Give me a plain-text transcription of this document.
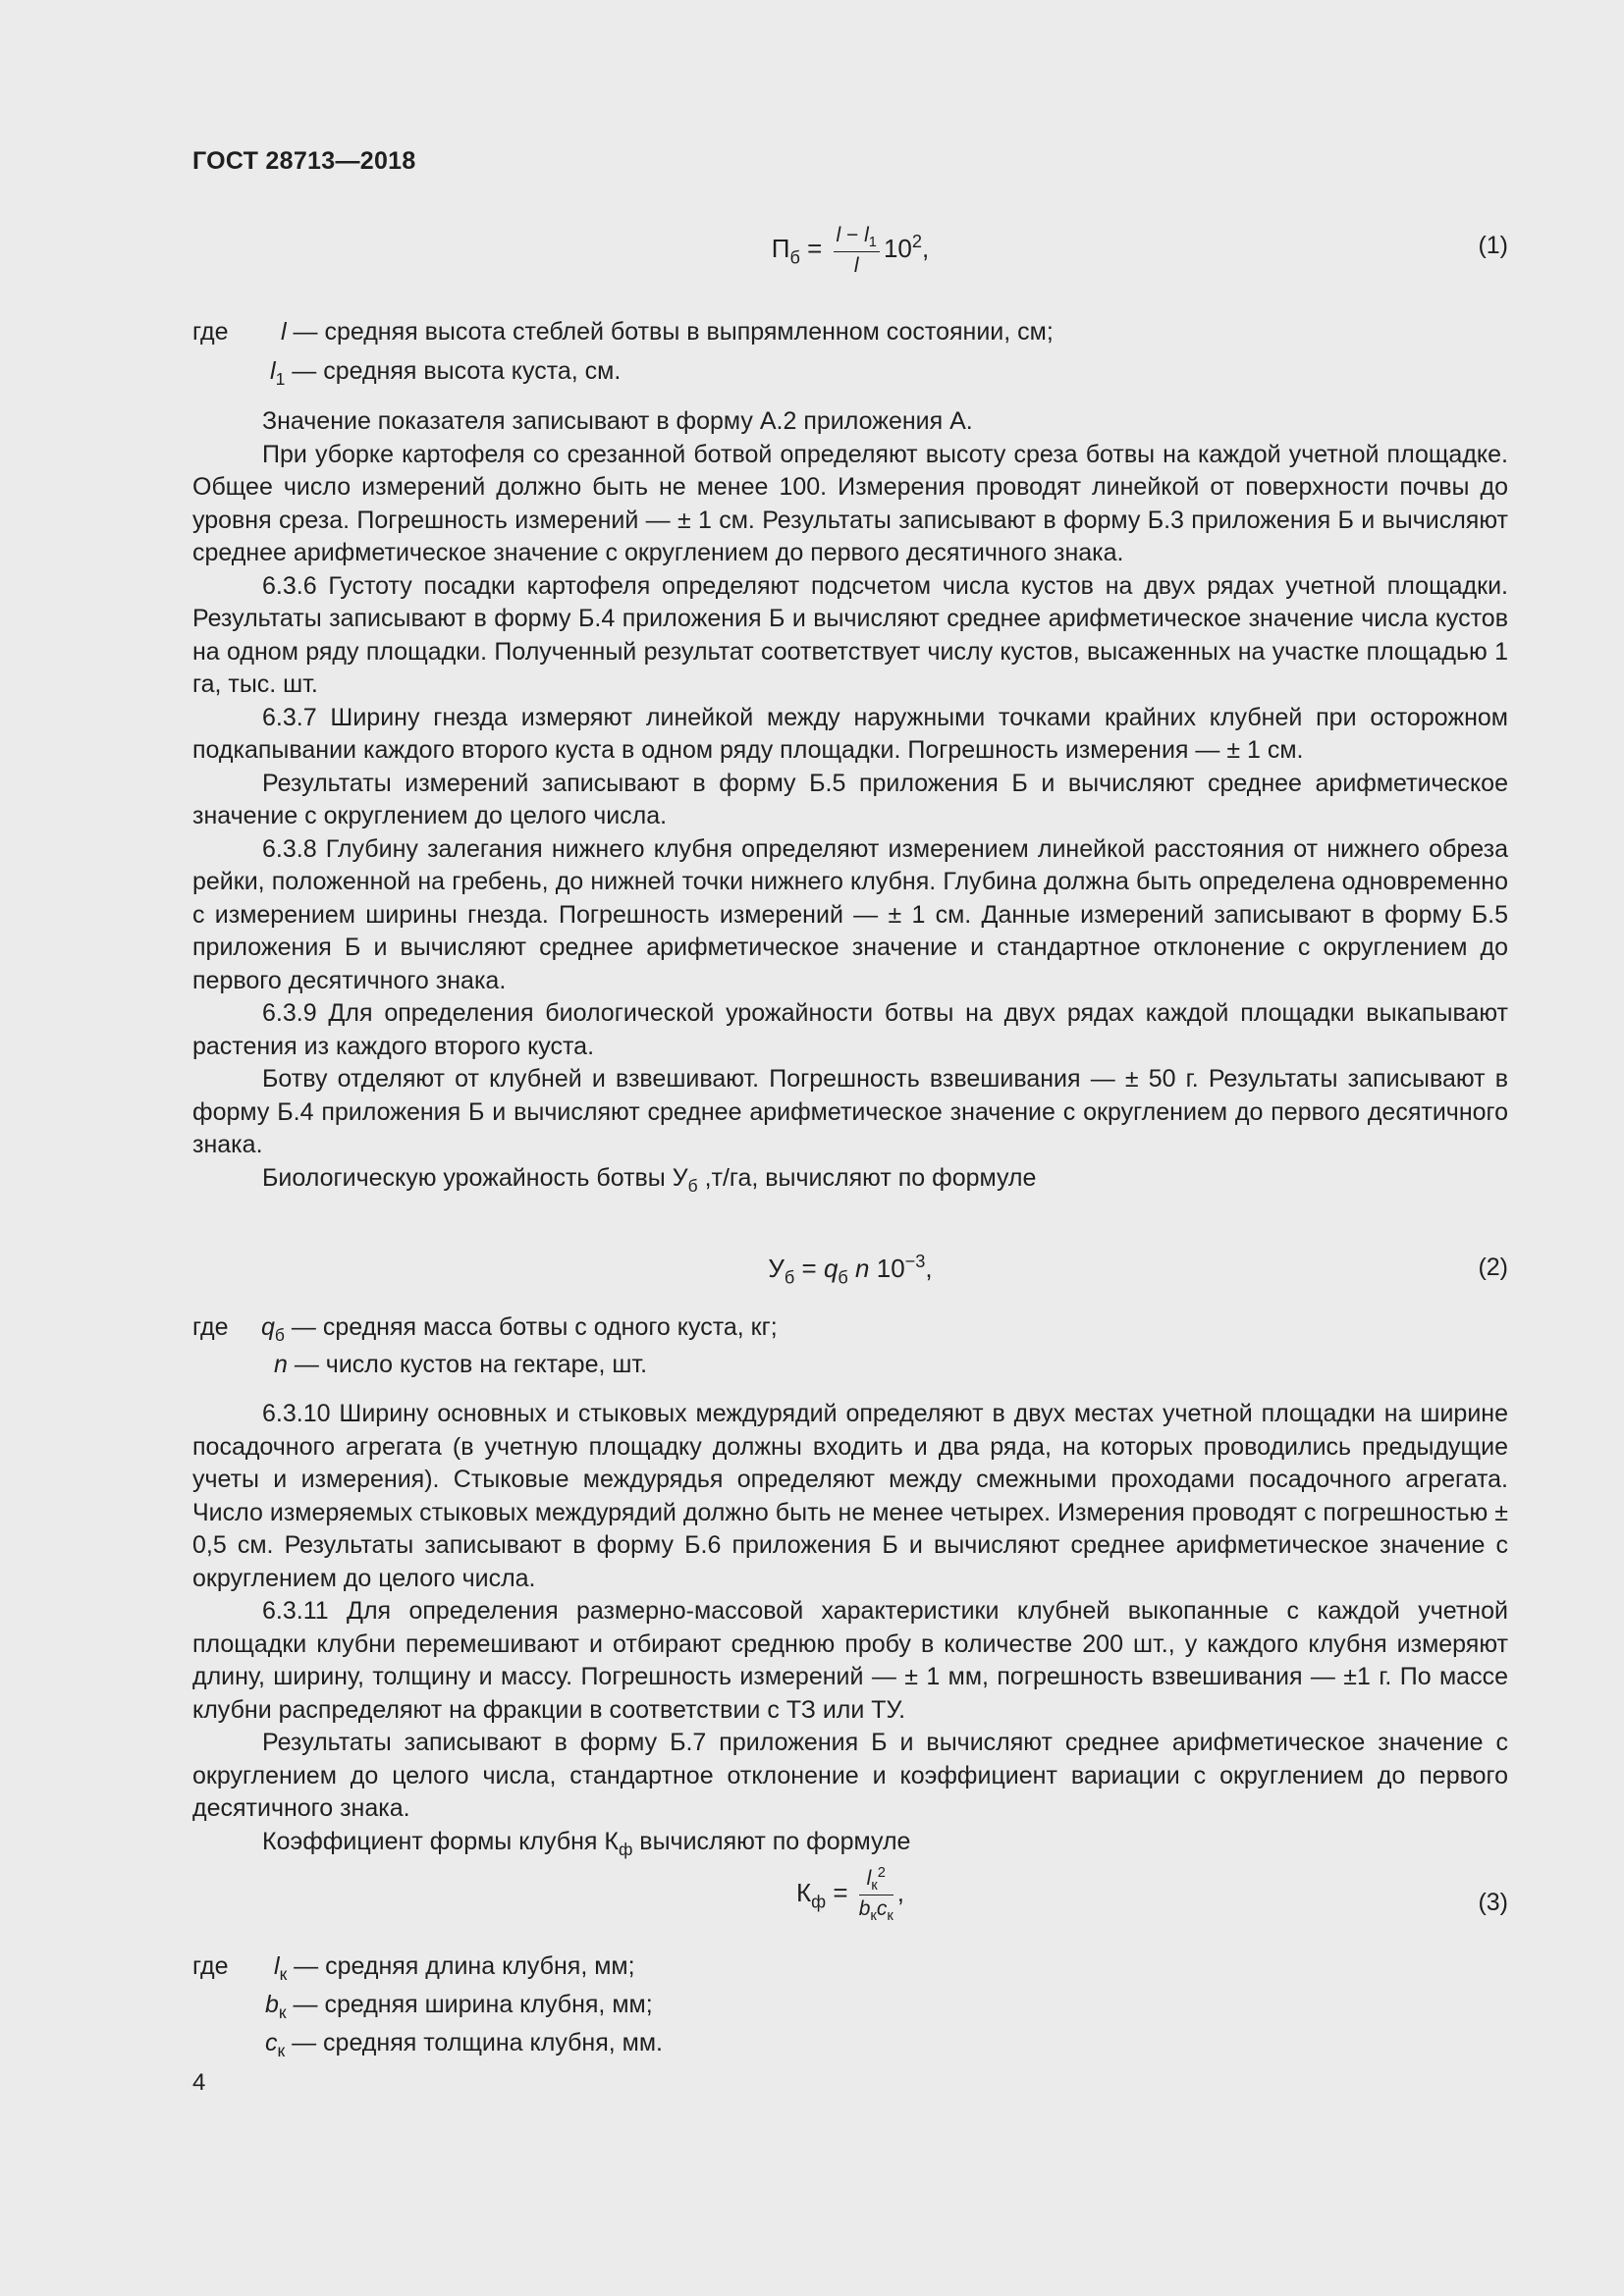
ГОСТ 28713—2018
$П_б = \frac{l - l_1}{l} 10^2$,	(1)
где l — средняя высота стеблей ботвы в выпрямленном состоянии, см;
$l_1$ — средняя высота куста, см.

Значение показателя записывают в форму А.2 приложения А.

При уборке картофеля со срезанной ботвой определяют высоту среза ботвы на каждой учетной площадке. Общее число измерений должно быть не менее 100. Измерения проводят линейкой от поверхности почвы до уровня среза. Погрешность измерений — ± 1 см. Результаты записывают в форму Б.3 приложения Б и вычисляют среднее арифметическое значение с округлением до первого десятичного знака.

6.3.6 Густоту посадки картофеля определяют подсчетом числа кустов на двух рядах учетной площадки. Результаты записывают в форму Б.4 приложения Б и вычисляют среднее арифметическое значение числа кустов на одном ряду площадки. Полученный результат соответствует числу кустов, высаженных на участке площадью 1 га, тыс. шт.

6.3.7 Ширину гнезда измеряют линейкой между наружными точками крайних клубней при осторожном подкапывании каждого второго куста в одном ряду площадки. Погрешность измерения — ± 1 см.

Результаты измерений записывают в форму Б.5 приложения Б и вычисляют среднее арифметическое значение с округлением до целого числа.

6.3.8 Глубину залегания нижнего клубня определяют измерением линейкой расстояния от нижнего обреза рейки, положенной на гребень, до нижней точки нижнего клубня. Глубина должна быть определена одновременно с измерением ширины гнезда. Погрешность измерений — ± 1 см. Данные измерений записывают в форму Б.5 приложения Б и вычисляют среднее арифметическое значение и стандартное отклонение с округлением до первого десятичного знака.

6.3.9 Для определения биологической урожайности ботвы на двух рядах каждой площадки выкапывают растения из каждого второго куста.

Ботву отделяют от клубней и взвешивают. Погрешность взвешивания — ± 50 г. Результаты записывают в форму Б.4 приложения Б и вычисляют среднее арифметическое значение с округлением до первого десятичного знака.

Биологическую урожайность ботвы $У_б$ ,т/га, вычисляют по формуле

$У_б = q_б$ n $10^{-3}$,	(2)
где $q_б$ — средняя масса ботвы с одного куста, кг;
n — число кустов на гектаре, шт.

6.3.10 Ширину основных и стыковых междурядий определяют в двух местах учетной площадки на ширине посадочного агрегата (в учетную площадку должны входить и два ряда, на которых проводились предыдущие учеты и измерения). Стыковые междурядья определяют между смежными проходами посадочного агрегата. Число измеряемых стыковых междурядий должно быть не менее четырех. Измерения проводят с погрешностью ± 0,5 см. Результаты записывают в форму Б.6 приложения Б и вычисляют среднее арифметическое значение с округлением до целого числа.

6.3.11 Для определения размерно-массовой характеристики клубней выкопанные с каждой учетной площадки клубни перемешивают и отбирают среднюю пробу в количестве 200 шт., у каждого клубня измеряют длину, ширину, толщину и массу. Погрешность измерений — ± 1 мм, погрешность взвешивания — ±1 г. По массе клубни распределяют на фракции в соответствии с ТЗ или ТУ.

Результаты записывают в форму Б.7 приложения Б и вычисляют среднее арифметическое значение с округлением до целого числа, стандартное отклонение и коэффициент вариации с округлением до первого десятичного знака.

Коэффициент формы клубня $К_ф$ вычисляют по формуле

$К_ф = \frac{l_к^2}{b_кc_к}$ ,	(3)
где $l_к$ — средняя длина клубня, мм;
$b_к$ — средняя ширина клубня, мм;
$c_к$ — средняя толщина клубня, мм.
4
